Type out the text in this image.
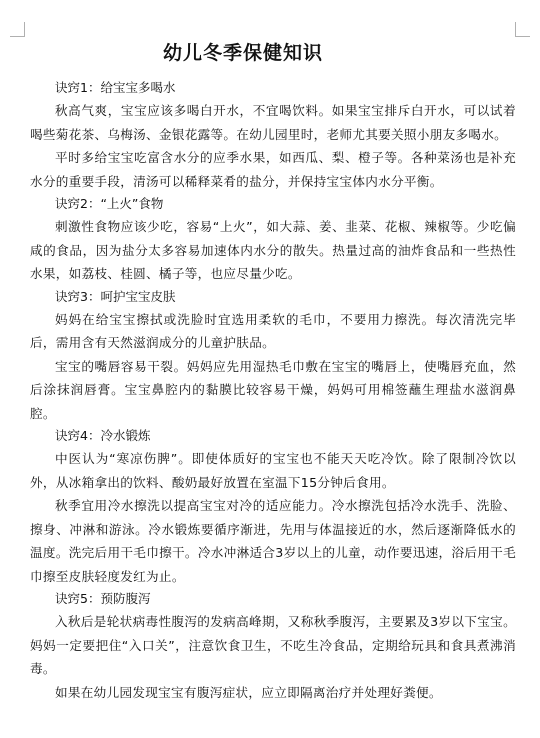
幼儿冬季保健知识

诀窍1：给宝宝多喝水

秋高气爽，宝宝应该多喝白开水，不宜喝饮料。如果宝宝排斥白开水，可以试着喝些菊花茶、乌梅汤、金银花露等。在幼儿园里时，老师尤其要关照小朋友多喝水。

平时多给宝宝吃富含水分的应季水果，如西瓜、梨、橙子等。各种菜汤也是补充水分的重要手段，清汤可以稀释菜肴的盐分，并保持宝宝体内水分平衡。

诀窍2：“上火”食物

刺激性食物应该少吃，容易“上火”，如大蒜、姜、韭菜、花椒、辣椒等。少吃偏咸的食品，因为盐分太多容易加速体内水分的散失。热量过高的油炸食品和一些热性水果，如荔枝、桂圆、橘子等，也应尽量少吃。

诀窍3：呵护宝宝皮肤

妈妈在给宝宝擦拭或洗脸时宜选用柔软的毛巾，不要用力擦洗。每次清洗完毕后，需用含有天然滋润成分的儿童护肤品。

宝宝的嘴唇容易干裂。妈妈应先用湿热毛巾敷在宝宝的嘴唇上，使嘴唇充血，然后涂抹润唇膏。宝宝鼻腔内的黏膜比较容易干燥，妈妈可用棉签蘸生理盐水滋润鼻腔。

诀窍4：冷水锻炼

中医认为“寒凉伤脾”。即使体质好的宝宝也不能天天吃冷饮。除了限制冷饮以外，从冰箱拿出的饮料、酸奶最好放置在室温下15分钟后食用。

秋季宜用冷水擦洗以提高宝宝对冷的适应能力。冷水擦洗包括冷水洗手、洗脸、擦身、冲淋和游泳。冷水锻炼要循序渐进，先用与体温接近的水，然后逐渐降低水的温度。洗完后用干毛巾擦干。冷水冲淋适合3岁以上的儿童，动作要迅速，浴后用干毛巾擦至皮肤轻度发红为止。

诀窍5：预防腹泻

入秋后是轮状病毒性腹泻的发病高峰期，又称秋季腹泻，主要累及3岁以下宝宝。妈妈一定要把住“入口关”，注意饮食卫生，不吃生冷食品，定期给玩具和食具煮沸消毒。

如果在幼儿园发现宝宝有腹泻症状，应立即隔离治疗并处理好粪便。
